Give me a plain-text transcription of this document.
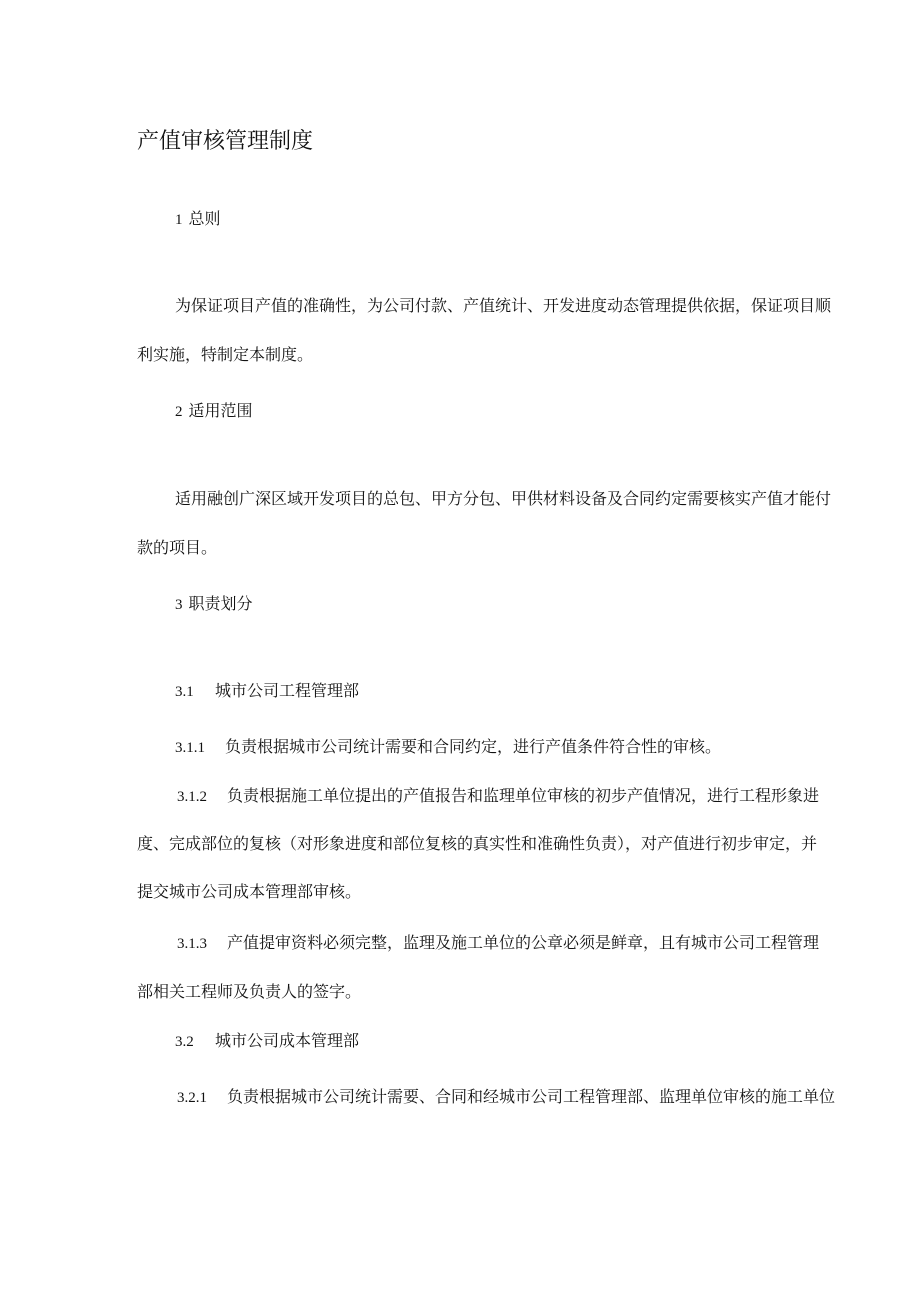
产值审核管理制度
1 总则
为保证项目产值的准确性，为公司付款、产值统计、开发进度动态管理提供依据，保证项目顺
利实施，特制定本制度。
2 适用范围
适用融创广深区域开发项目的总包、甲方分包、甲供材料设备及合同约定需要核实产值才能付
款的项目。
3 职责划分
3.1 城市公司工程管理部
3.1.1 负责根据城市公司统计需要和合同约定，进行产值条件符合性的审核。
3.1.2 负责根据施工单位提出的产值报告和监理单位审核的初步产值情况，进行工程形象进
度、完成部位的复核（对形象进度和部位复核的真实性和准确性负责），对产值进行初步审定，并
提交城市公司成本管理部审核。
3.1.3 产值提审资料必须完整，监理及施工单位的公章必须是鲜章，且有城市公司工程管理
部相关工程师及负责人的签字。
3.2 城市公司成本管理部
3.2.1 负责根据城市公司统计需要、合同和经城市公司工程管理部、监理单位审核的施工单位
